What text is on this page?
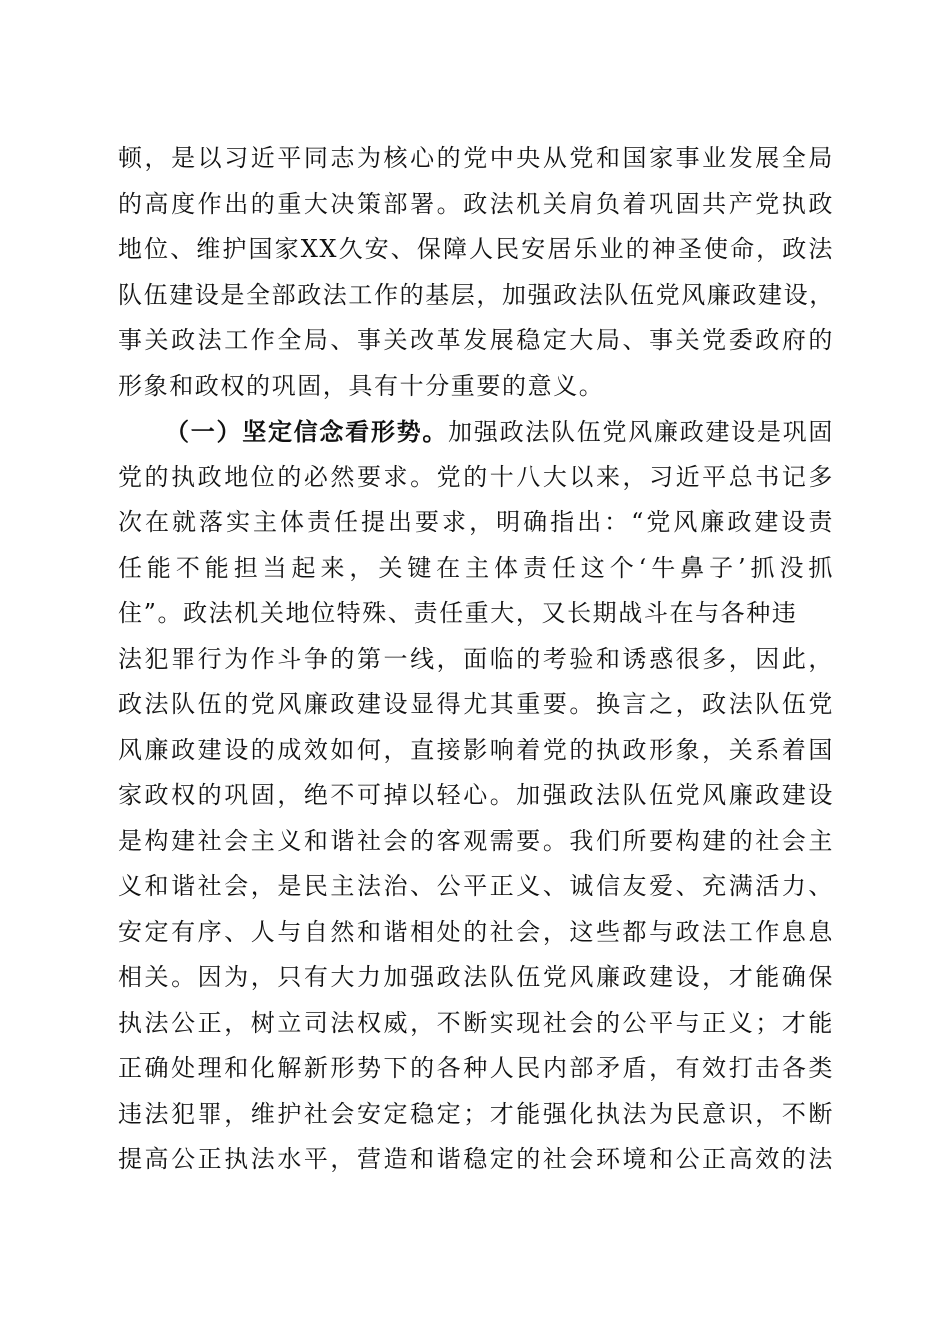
顿，是以习近平同志为核心的党中央从党和国家事业发展全局
的高度作出的重大决策部署。政法机关肩负着巩固共产党执政
地位、维护国家XX久安、保障人民安居乐业的神圣使命，政法
队伍建设是全部政法工作的基层，加强政法队伍党风廉政建设，
事关政法工作全局、事关改革发展稳定大局、事关党委政府的
形象和政权的巩固，具有十分重要的意义。
（一）坚定信念看形势。加强政法队伍党风廉政建设是巩固
党的执政地位的必然要求。党的十八大以来，习近平总书记多
次在就落实主体责任提出要求，明确指出：“党风廉政建设责
任能不能担当起来，关键在主体责任这个‘牛鼻子’抓没抓
住”。政法机关地位特殊、责任重大，又长期战斗在与各种违
法犯罪行为作斗争的第一线，面临的考验和诱惑很多，因此，
政法队伍的党风廉政建设显得尤其重要。换言之，政法队伍党
风廉政建设的成效如何，直接影响着党的执政形象，关系着国
家政权的巩固，绝不可掉以轻心。加强政法队伍党风廉政建设
是构建社会主义和谐社会的客观需要。我们所要构建的社会主
义和谐社会，是民主法治、公平正义、诚信友爱、充满活力、
安定有序、人与自然和谐相处的社会，这些都与政法工作息息
相关。因为，只有大力加强政法队伍党风廉政建设，才能确保
执法公正，树立司法权威，不断实现社会的公平与正义；才能
正确处理和化解新形势下的各种人民内部矛盾，有效打击各类
违法犯罪，维护社会安定稳定；才能强化执法为民意识，不断
提高公正执法水平，营造和谐稳定的社会环境和公正高效的法
